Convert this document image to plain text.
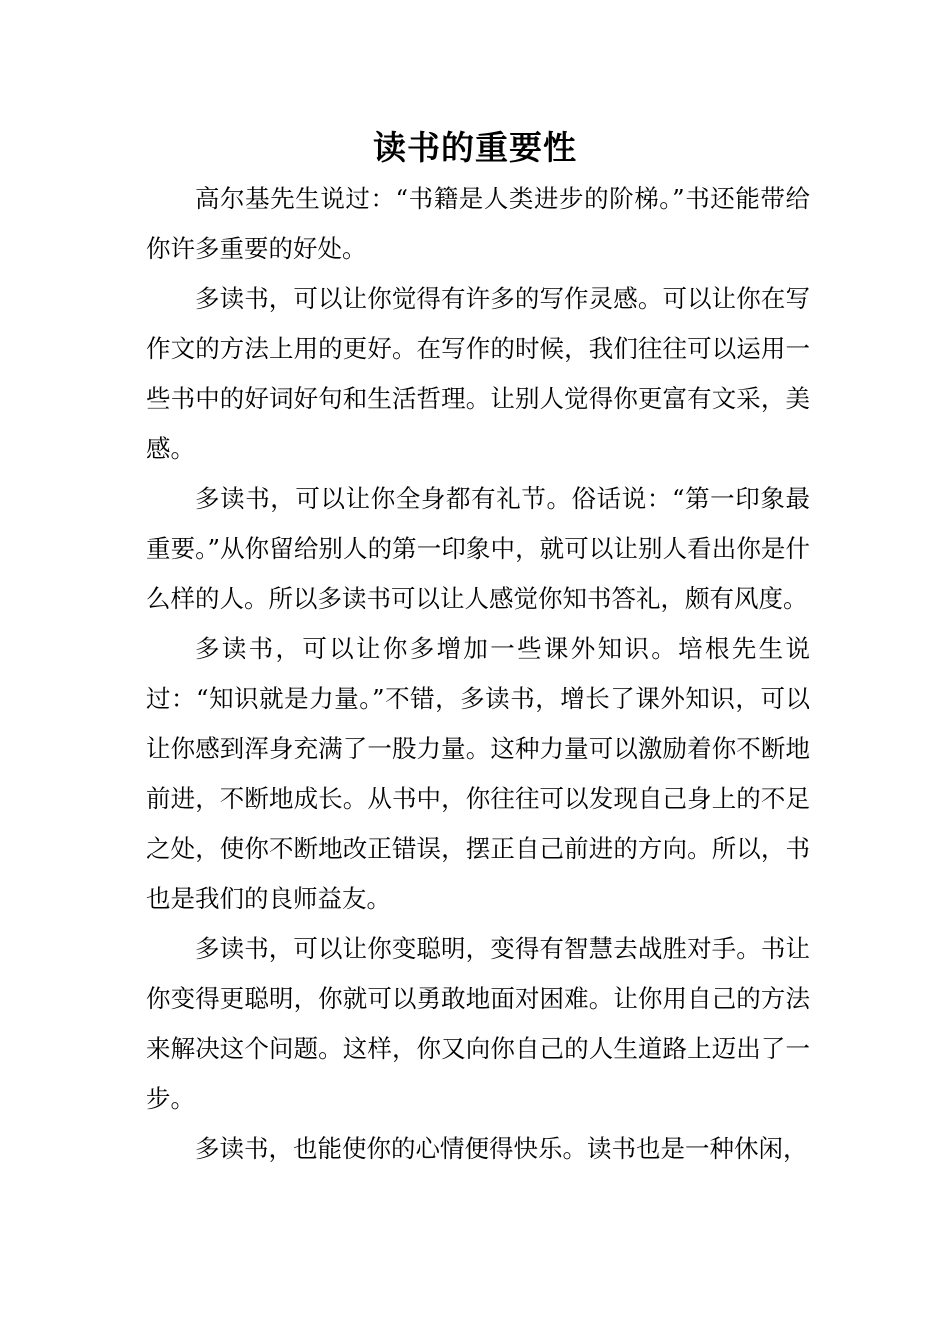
读书的重要性

高尔基先生说过：“书籍是人类进步的阶梯。”书还能带给你许多重要的好处。

多读书，可以让你觉得有许多的写作灵感。可以让你在写作文的方法上用的更好。在写作的时候，我们往往可以运用一些书中的好词好句和生活哲理。让别人觉得你更富有文采，美感。

多读书，可以让你全身都有礼节。俗话说：“第一印象最重要。”从你留给别人的第一印象中，就可以让别人看出你是什么样的人。所以多读书可以让人感觉你知书答礼，颇有风度。

多读书，可以让你多增加一些课外知识。培根先生说过：“知识就是力量。”不错，多读书，增长了课外知识，可以让你感到浑身充满了一股力量。这种力量可以激励着你不断地前进，不断地成长。从书中，你往往可以发现自己身上的不足之处，使你不断地改正错误，摆正自己前进的方向。所以，书也是我们的良师益友。

多读书，可以让你变聪明，变得有智慧去战胜对手。书让你变得更聪明，你就可以勇敢地面对困难。让你用自己的方法来解决这个问题。这样，你又向你自己的人生道路上迈出了一步。

多读书，也能使你的心情便得快乐。读书也是一种休闲，
